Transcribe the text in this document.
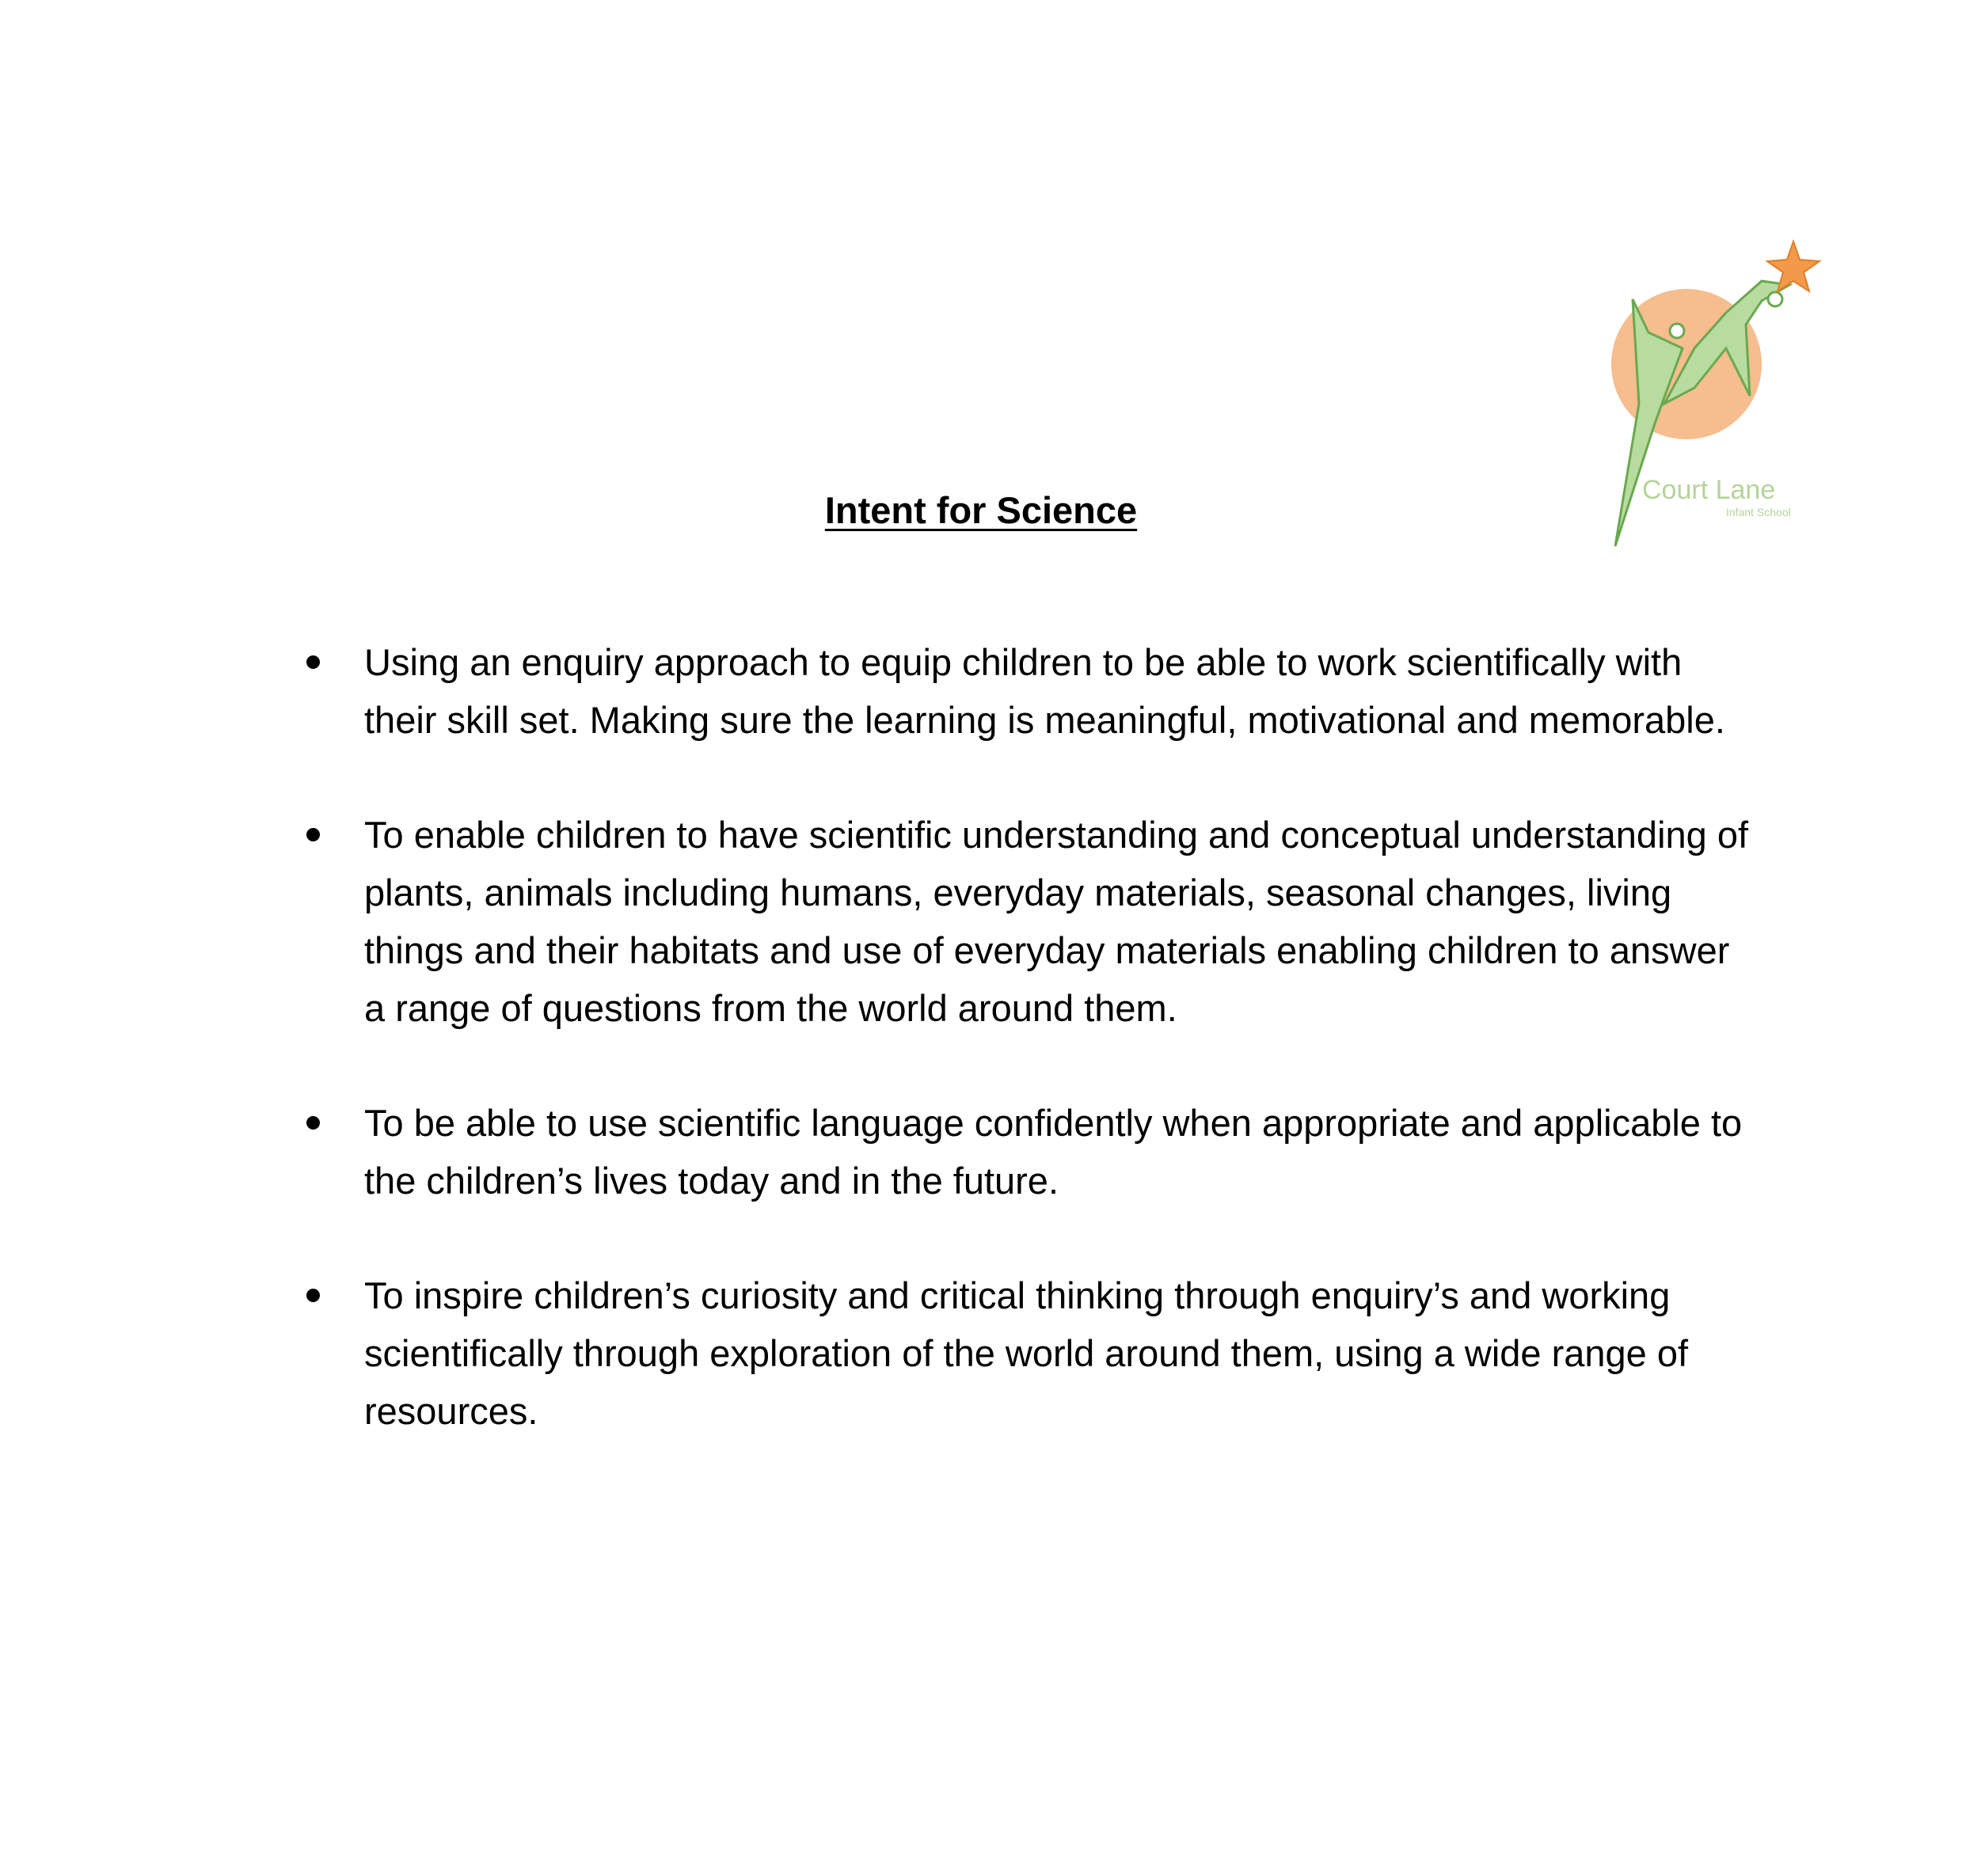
Court Lane
Infant School
Intent for Science
Using an enquiry approach to equip children to be able to work scientifically with their skill set. Making sure the learning is meaningful, motivational and memorable.
To enable children to have scientific understanding and conceptual understanding of plants, animals including humans, everyday materials, seasonal changes, living things and their habitats and use of everyday materials enabling children to answer a range of questions from the world around them.
To be able to use scientific language confidently when appropriate and applicable to the children’s lives today and in the future.
To inspire children’s curiosity and critical thinking through enquiry’s and working scientifically through exploration of the world around them, using a wide range of resources.
